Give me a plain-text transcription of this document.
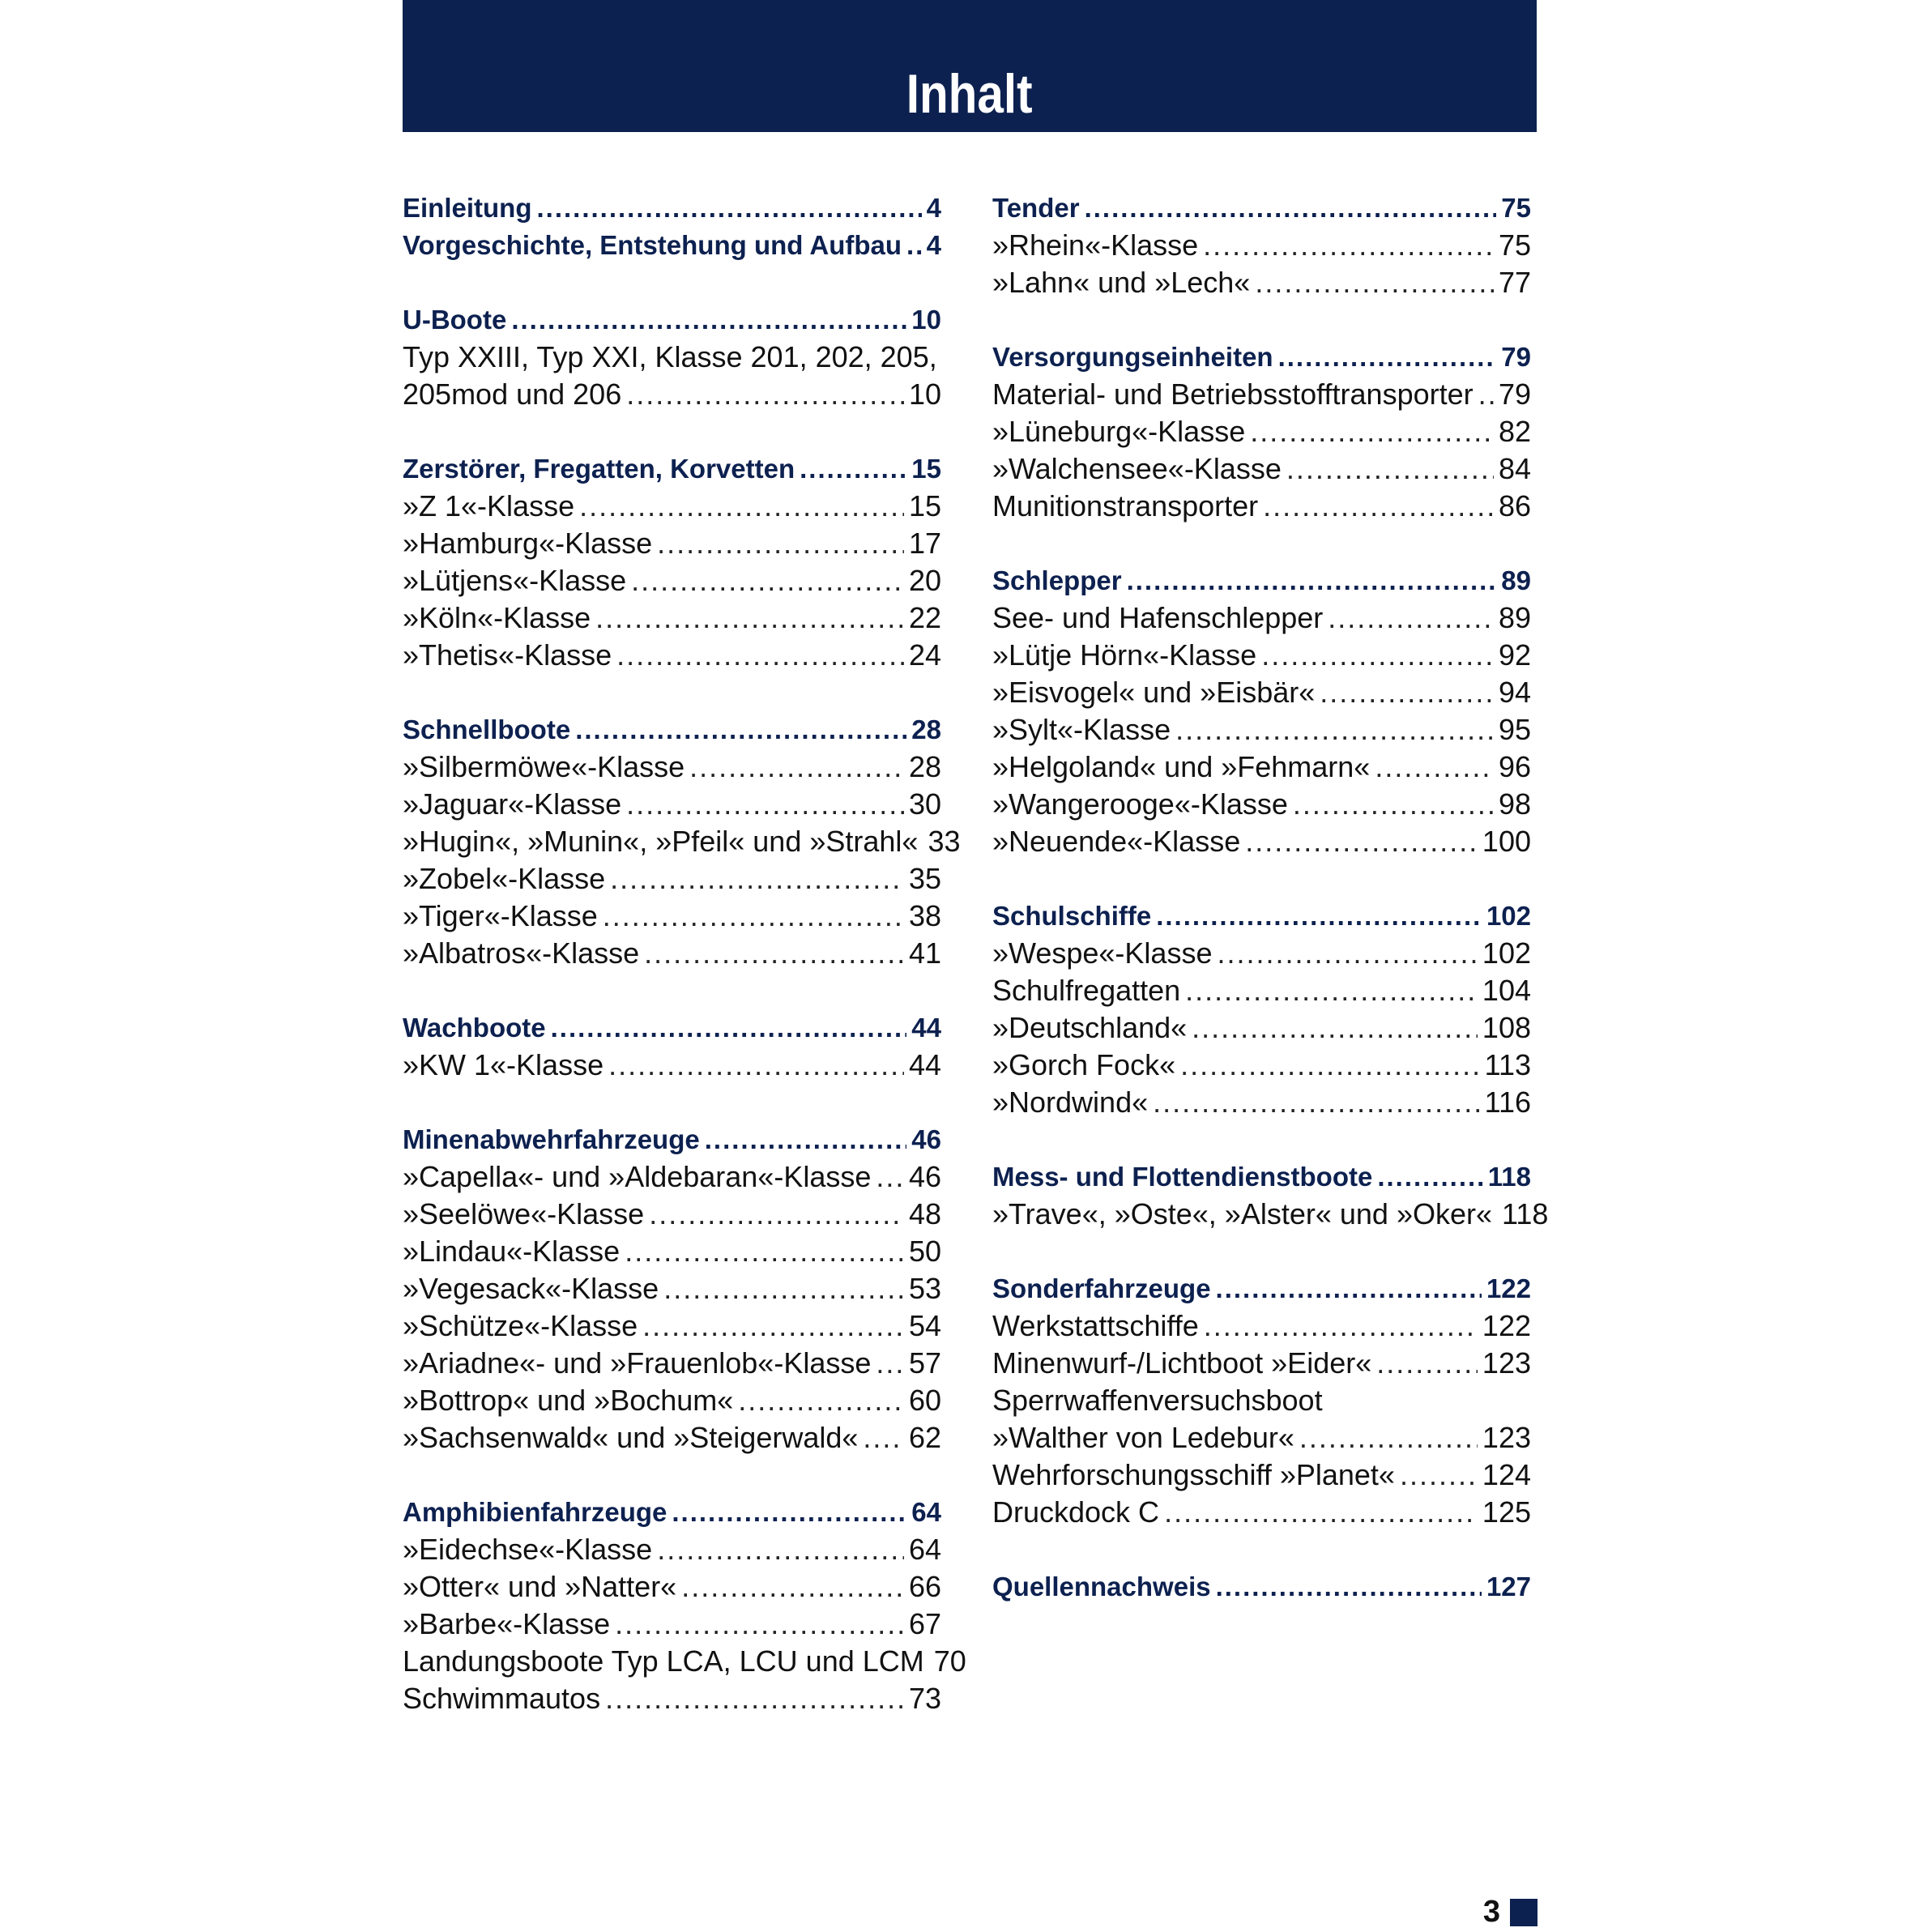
Inhalt
Einleitung .....	4
Vorgeschichte, Entstehung und Aufbau ..... 4
U-Boote .....	10
Typ XXIII, Typ XXI, Klasse 201, 202, 205,
205mod und 206 .....	10
Zerstörer, Fregatten, Korvetten .....	15
»Z 1«-Klasse .....	15
»Hamburg«-Klasse .....	17
»Lütjens«-Klasse .....	20
»Köln«-Klasse .....	22
»Thetis«-Klasse .....	24
Schnellboote .....	28
»Silbermöwe«-Klasse .....	28
»Jaguar«-Klasse .....	30
»Hugin«, »Munin«, »Pfeil« und »Strahl« 33
»Zobel«-Klasse .....	35
»Tiger«-Klasse .....	38
»Albatros«-Klasse .....	41
Wachboote .....	44
»KW 1«-Klasse .....	44
Minenabwehrfahrzeuge .....	46
»Capella«- und »Aldebaran«-Klasse ..... 46
»Seelöwe«-Klasse .....	48
»Lindau«-Klasse .....	50
»Vegesack«-Klasse .....	53
»Schütze«-Klasse .....	54
»Ariadne«- und »Frauenlob«-Klasse ..... 57
»Bottrop« und »Bochum« .....	60
»Sachsenwald« und »Steigerwald« ..... 62
Amphibienfahrzeuge .....	64
»Eidechse«-Klasse .....	64
»Otter« und »Natter« .....	66
»Barbe«-Klasse .....	67
Landungsboote Typ LCA, LCU und LCM 70
Schwimmautos .....	73
Tender .....	75
»Rhein«-Klasse .....	75
»Lahn« und »Lech« .....	77
Versorgungseinheiten .....	79
Material- und Betriebsstofftransporter ..... 79
»Lüneburg«-Klasse .....	82
»Walchensee«-Klasse .....	84
Munitionstransporter .....	86
Schlepper .....	89
See- und Hafenschlepper .....	89
»Lütje Hörn«-Klasse .....	92
»Eisvogel« und »Eisbär« .....	94
»Sylt«-Klasse .....	95
»Helgoland« und »Fehmarn« .....	96
»Wangerooge«-Klasse .....	98
»Neuende«-Klasse .....	100
Schulschiffe .....	102
»Wespe«-Klasse .....	102
Schulfregatten .....	104
»Deutschland« .....	108
»Gorch Fock« .....	113
»Nordwind« .....	116
Mess- und Flottendienstboote .....	118
»Trave«, »Oste«, »Alster« und »Oker« 118
Sonderfahrzeuge .....	122
Werkstattschiffe .....	122
Minenwurf-/Lichtboot »Eider« .....	123
Sperrwaffenversuchsboot
»Walther von Ledebur« .....	123
Wehrforschungsschiff »Planet« .....	124
Druckdock C .....	125
Quellennachweis .....	127
3
